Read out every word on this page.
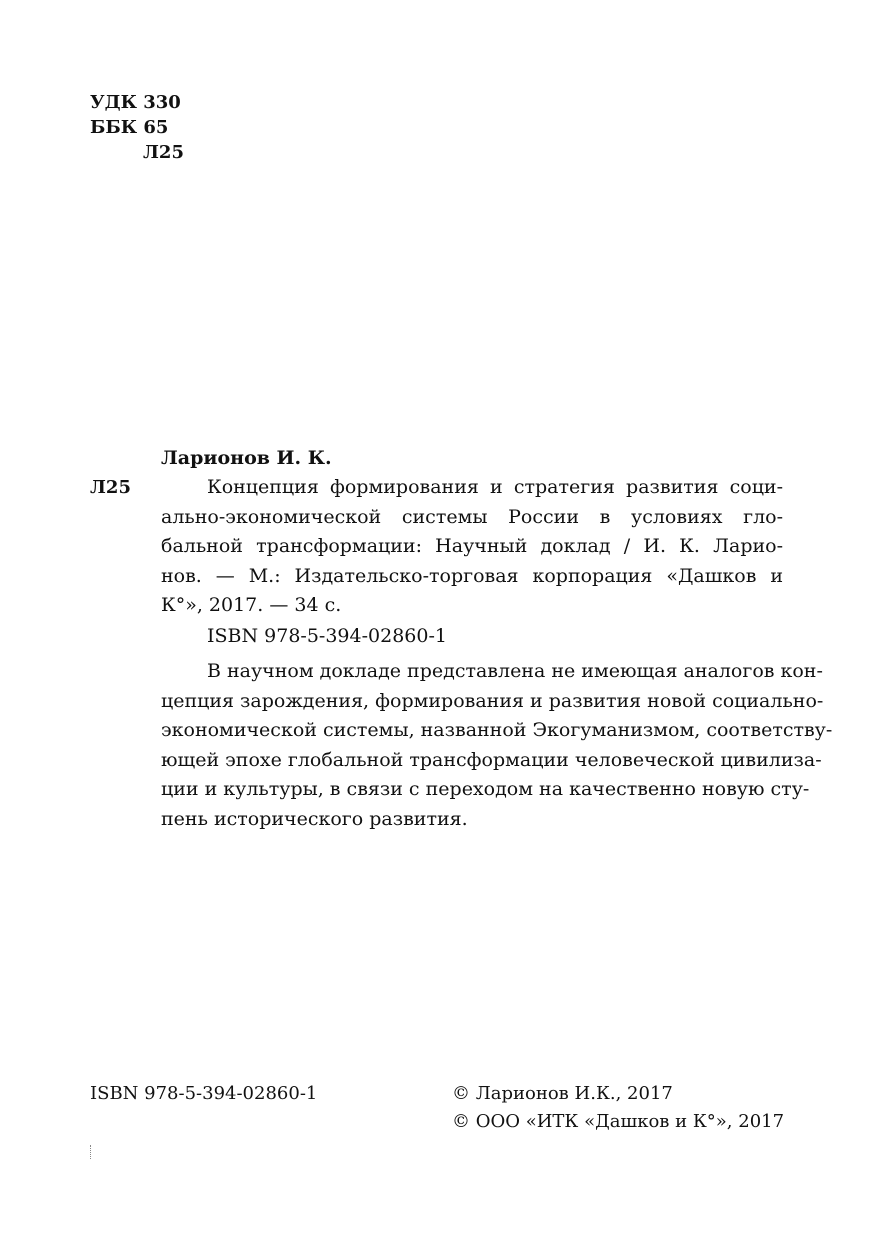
УДК 330
ББК 65
Л25
Ларионов И. К.
Л25	Концепция формирования и стратегия развития соци-
ально-экономической системы России в условиях гло-
бальной трансформации: Научный доклад / И. К. Ларио-
нов. — М.: Издательско-торговая корпорация «Дашков и
К°», 2017. — 34 с.
ISBN 978-5-394-02860-1
В научном докладе представлена не имеющая аналогов кон-
цепция зарождения, формирования и развития новой социально-
экономической системы, названной Экогуманизмом, соответству-
ющей эпохе глобальной трансформации человеческой цивилиза-
ции и культуры, в связи с переходом на качественно новую сту-
пень исторического развития.
ISBN 978-5-394-02860-1	© Ларионов И.К., 2017
© ООО «ИТК «Дашков и К°», 2017
